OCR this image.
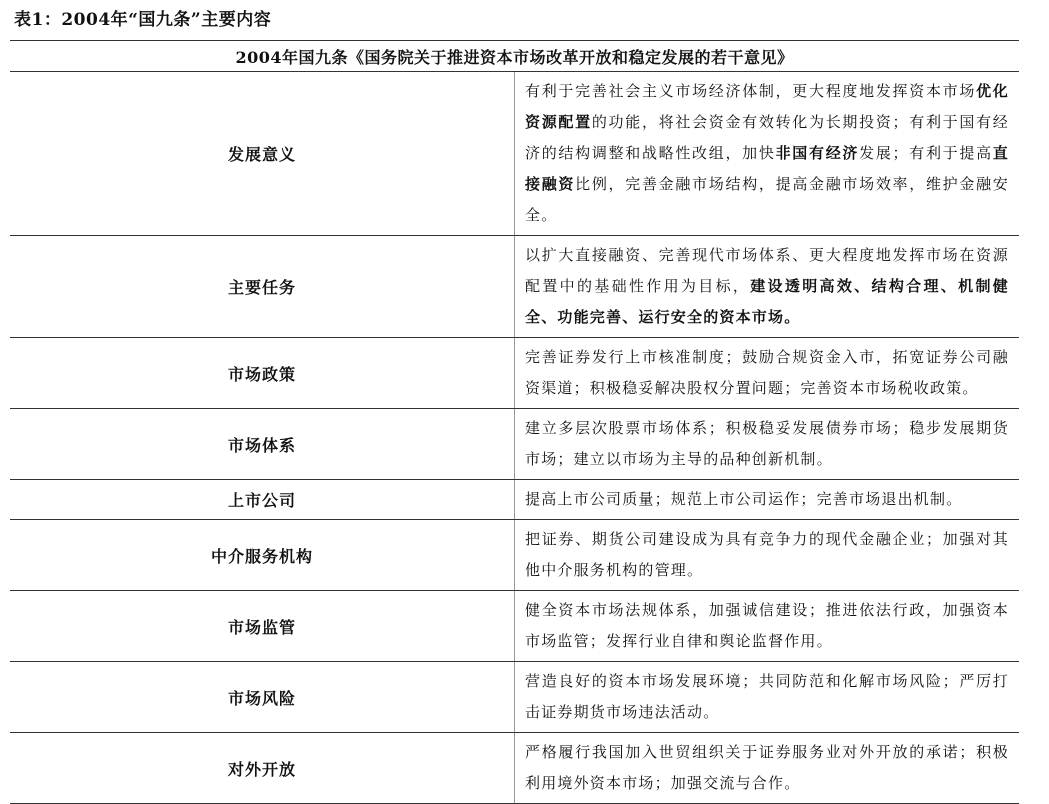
表1：2004年“国九条”主要内容
2004年国九条《国务院关于推进资本市场改革开放和稳定发展的若干意见》	
发展意义	有利于完善社会主义市场经济体制，更大程度地发挥资本市场优化资源配置的功能，将社会资金有效转化为长期投资；有利于国有经济的结构调整和战略性改组，加快非国有经济发展；有利于提高直接融资比例，完善金融市场结构，提高金融市场效率，维护金融安全。
主要任务	以扩大直接融资、完善现代市场体系、更大程度地发挥市场在资源配置中的基础性作用为目标，建设透明高效、结构合理、机制健全、功能完善、运行安全的资本市场。
市场政策	完善证券发行上市核准制度；鼓励合规资金入市，拓宽证券公司融资渠道；积极稳妥解决股权分置问题；完善资本市场税收政策。
市场体系	建立多层次股票市场体系；积极稳妥发展债券市场；稳步发展期货市场；建立以市场为主导的品种创新机制。
上市公司	提高上市公司质量；规范上市公司运作；完善市场退出机制。
中介服务机构	把证券、期货公司建设成为具有竞争力的现代金融企业；加强对其他中介服务机构的管理。
市场监管	健全资本市场法规体系，加强诚信建设；推进依法行政，加强资本市场监管；发挥行业自律和舆论监督作用。
市场风险	营造良好的资本市场发展环境；共同防范和化解市场风险；严厉打击证券期货市场违法活动。
对外开放	严格履行我国加入世贸组织关于证券服务业对外开放的承诺；积极利用境外资本市场；加强交流与合作。
